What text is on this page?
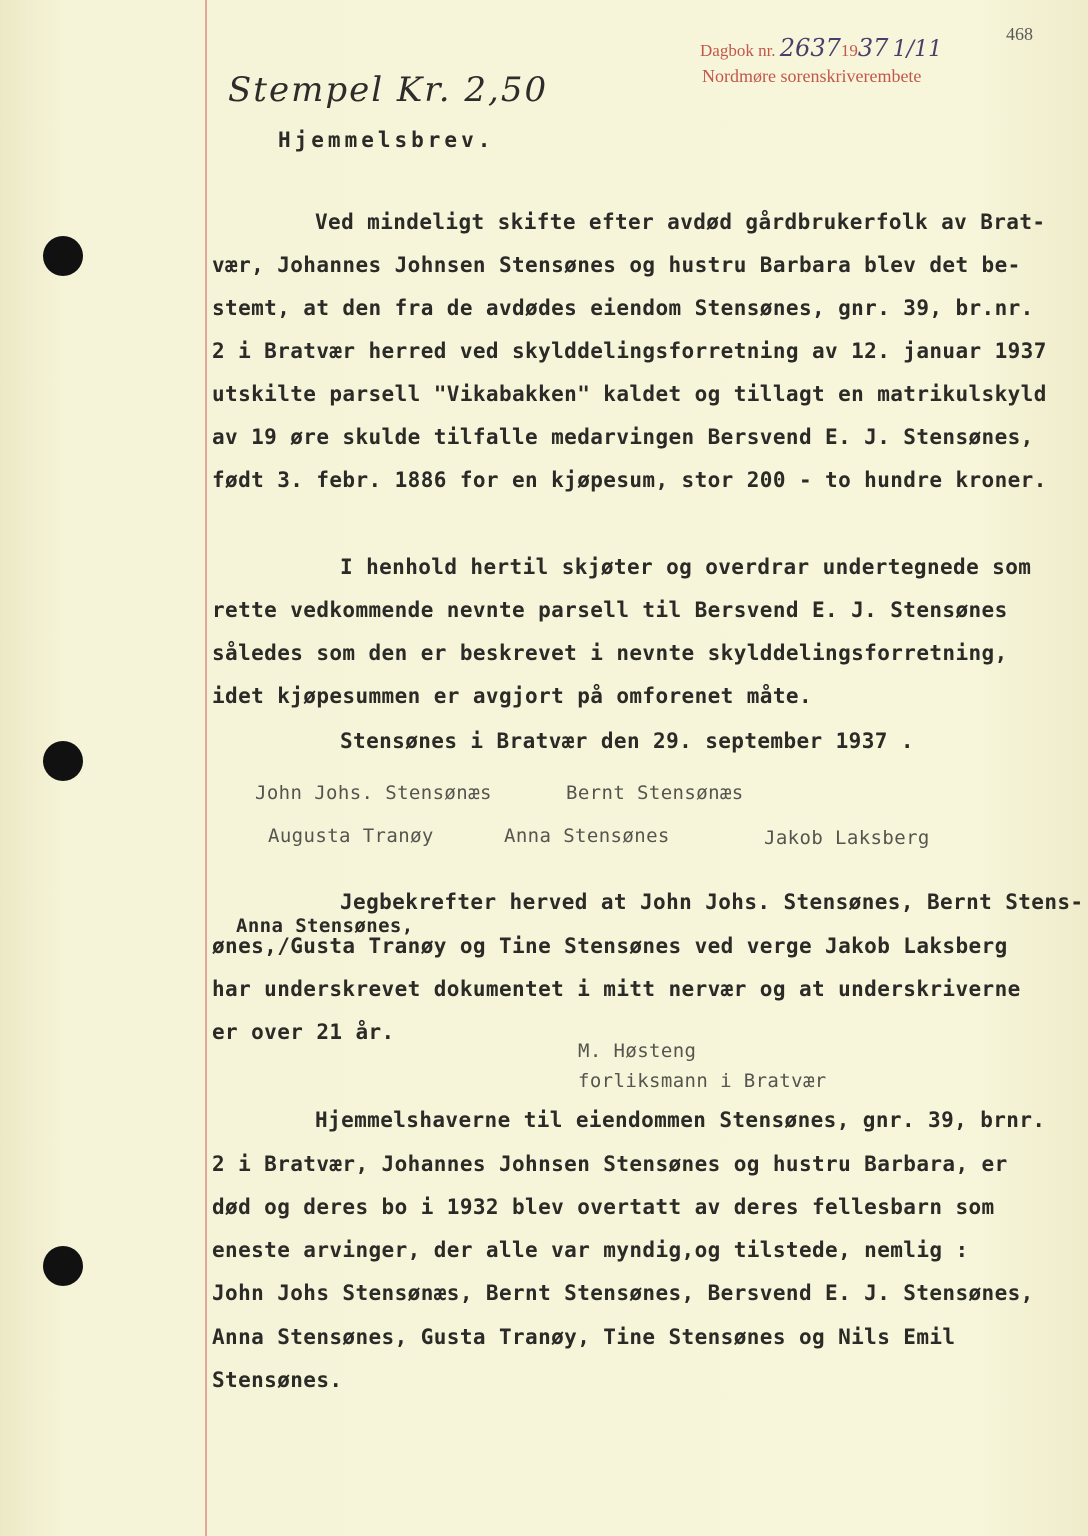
Dagbok nr. 26371937 1/11
Nordmøre sorenskriverembete
468
Stempel Kr. 2,50
Hjemmelsbrev.
Ved mindeligt skifte efter avdød gårdbrukerfolk av Brat-
vær, Johannes Johnsen Stensønes og hustru Barbara blev det be-
stemt, at den fra de avdødes eiendom Stensønes, gnr. 39, br.nr.
2 i Bratvær herred ved skylddelingsforretning av 12. januar 1937
utskilte parsell "Vikabakken" kaldet og tillagt en matrikulskyld
av 19 øre skulde tilfalle medarvingen Bersvend E. J. Stensønes,
født 3. febr. 1886 for en kjøpesum, stor 200 - to hundre kroner.
I henhold hertil skjøter og overdrar undertegnede som
rette vedkommende nevnte parsell til Bersvend E. J. Stensønes
således som den er beskrevet i nevnte skylddelingsforretning,
idet kjøpesummen er avgjort på omforenet måte.
Stensønes i Bratvær den 29. september 1937 .
John Johs. Stensønæs	Bernt Stensønæs
Augusta Tranøy	Anna Stensønes	Jakob Laksberg
Jegbekrefter herved at John Johs. Stensønes, Bernt Stens-
Anna Stensønes,
ønes,/Gusta Tranøy og Tine Stensønes ved verge Jakob Laksberg
har underskrevet dokumentet i mitt nervær og at underskriverne
er over 21 år.
M. Høsteng
forliksmann i Bratvær
Hjemmelshaverne til eiendommen Stensønes, gnr. 39, brnr.
2 i Bratvær, Johannes Johnsen Stensønes og hustru Barbara, er
død og deres bo i 1932 blev overtatt av deres fellesbarn som
eneste arvinger, der alle var myndig,og tilstede, nemlig :
John Johs Stensønæs, Bernt Stensønes, Bersvend E. J. Stensønes,
Anna Stensønes, Gusta Tranøy, Tine Stensønes og Nils Emil
Stensønes.
